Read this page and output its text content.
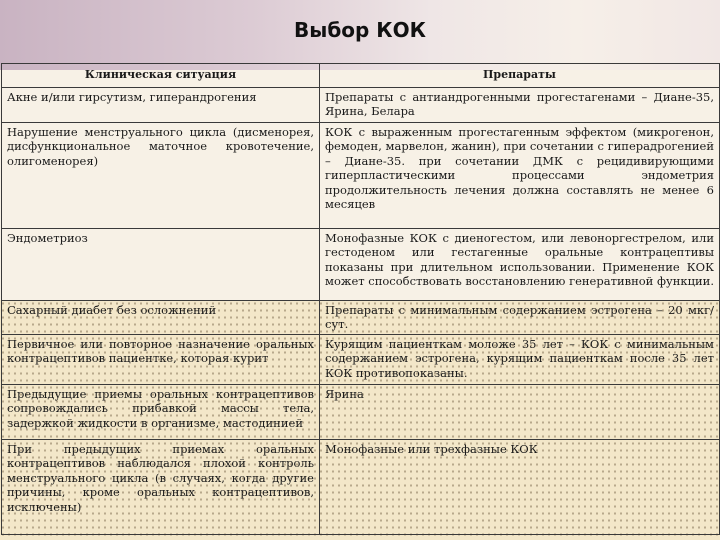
Выбор КОК
Клиническая ситуация	Препараты
Акне и/или гирсутизм, гиперандрогения	Препараты с антиандрогенными прогестагенами – Диане-35, Ярина, Белара
Нарушение менструального цикла (дисменорея, дисфункциональное маточное кровотечение, олигоменорея)	КОК с выраженным прогестагенным эффектом (микрогенон, фемоден, марвелон, жанин), при сочетании с гиперадрогенией – Диане-35. при сочетании ДМК с рецидивирующими гиперпластическими процессами эндометрия продолжительность лечения должна составлять не менее 6 месяцев
Эндометриоз	Монофазные КОК с диеногестом, или левоноргестрелом, или гестоденом или гестагенные оральные контрацептивы показаны при длительном использовании. Применение КОК может способствовать восстановлению генеративной функции.
Сахарный диабет без осложнений	Препараты с минимальным содержанием эстрогена – 20 мкг/сут.
Первичное или повторное назначение оральных контрацептивов пациентке, которая курит	Курящим пациенткам моложе 35 лет – КОК с минимальным содержанием эстрогена, курящим пациенткам после 35 лет КОК противопоказаны.
Предыдущие приемы оральных контрацептивов сопровождались прибавкой массы тела, задержкой жидкости в организме, мастодинией	Ярина
При предыдущих приемах оральных контрацептивов наблюдался плохой контроль менструального цикла (в случаях, когда другие причины, кроме оральных контрацептивов, исключены)	Монофазные или трехфазные КОК
